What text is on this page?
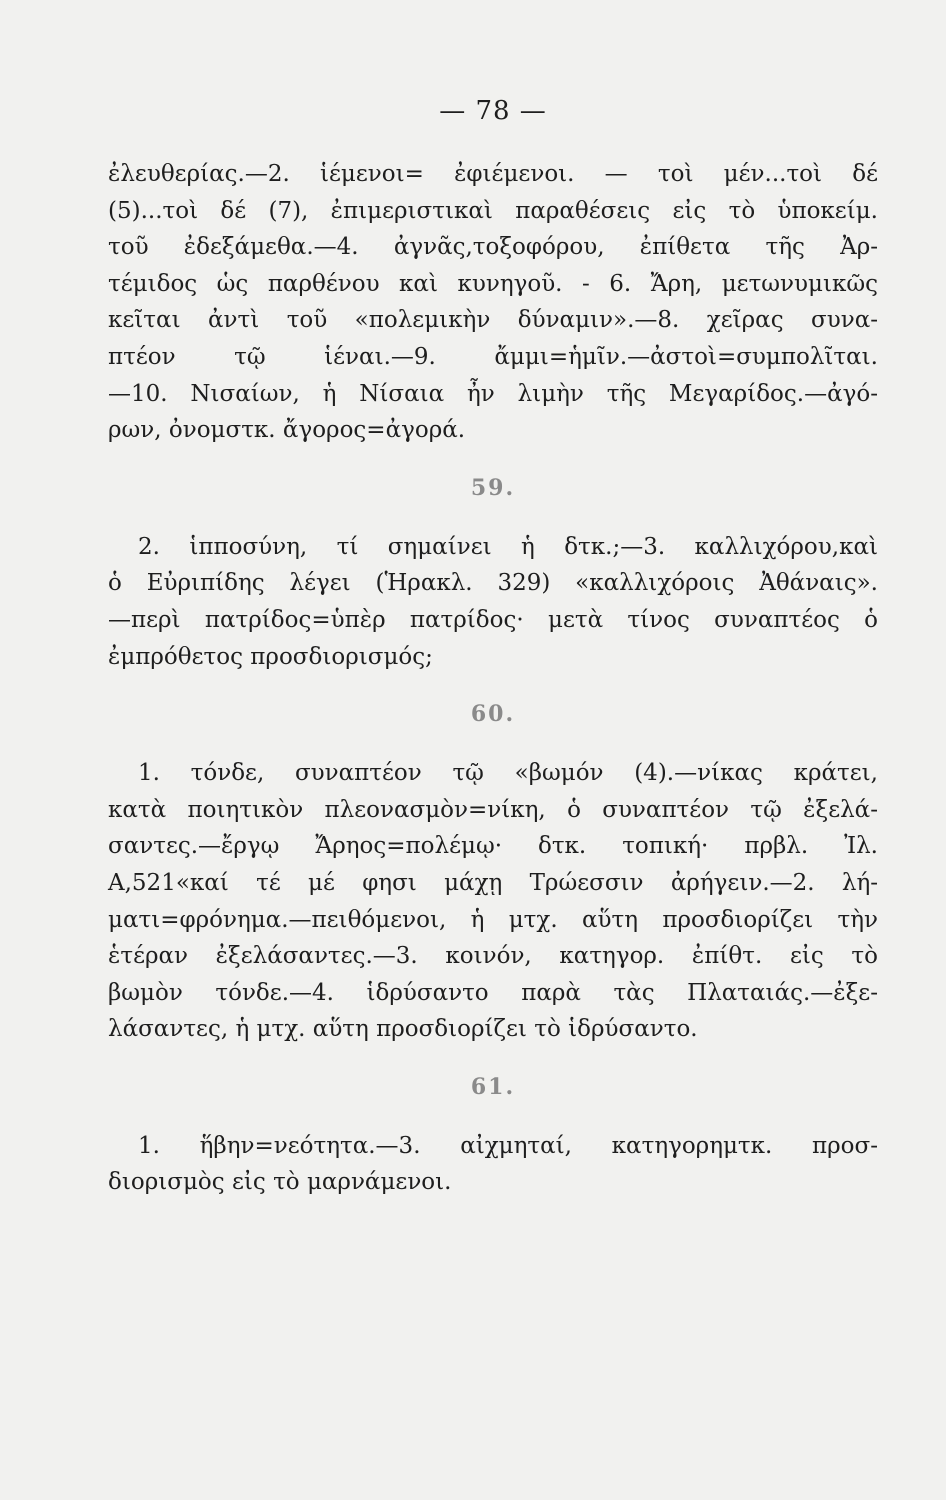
— 78 —
ἐλευθερίας.—2. ἱέμενοι= ἐφιέμενοι. — τοὶ μέν...τοὶ δέ
(5)...τοὶ δέ (7), ἐπιμεριστικαὶ παραθέσεις εἰς τὸ ὑποκείμ.
τοῦ ἐδεξάμεθα.—4. ἀγνᾶς,τοξοφόρου, ἐπίθετα τῆς Ἀρ-
τέμιδος ὡς παρθένου καὶ κυνηγοῦ. - 6. Ἄρη, μετωνυμικῶς
κεῖται ἀντὶ τοῦ «πολεμικὴν δύναμιν».—8. χεῖρας συνα-
πτέον τῷ ἱέναι.—9. ἄμμι=ἡμῖν.—ἀστοὶ=συμπολῖται.
—10. Νισαίων, ἡ Νίσαια ἦν λιμὴν τῆς Μεγαρίδος.—ἀγό-
ρων, ὀνομστκ. ἄγορος=ἀγορά.
59.
2. ἱπποσύνη, τί σημαίνει ἡ δτκ.;—3. καλλιχόρου,καὶ
ὁ Εὐριπίδης λέγει (Ἡρακλ. 329) «καλλιχόροις Ἀθάναις».
—περὶ πατρίδος=ὑπὲρ πατρίδος· μετὰ τίνος συναπτέος ὁ
ἐμπρόθετος προσδιορισμός;
60.
1. τόνδε, συναπτέον τῷ «βωμόν (4).—νίκας κράτει,
κατὰ ποιητικὸν πλεονασμὸν=νίκη, ὁ συναπτέον τῷ ἐξελά-
σαντες.—ἔργῳ Ἄρηος=πολέμῳ· δτκ. τοπική· πρβλ. Ἰλ.
Α,521«καί τέ μέ φησι μάχῃ Τρώεσσιν ἀρήγειν.—2. λή-
ματι=φρόνημα.—πειθόμενοι, ἡ μτχ. αὕτη προσδιορίζει τὴν
ἑτέραν ἐξελάσαντες.—3. κοινόν, κατηγορ. ἐπίθτ. εἰς τὸ
βωμὸν τόνδε.—4. ἱδρύσαντο παρὰ τὰς Πλαταιάς.—ἐξε-
λάσαντες, ἡ μτχ. αὕτη προσδιορίζει τὸ ἱδρύσαντο.
61.
1. ἥβην=νεότητα.—3. αἰχμηταί, κατηγορημτκ. προσ-
διορισμὸς εἰς τὸ μαρνάμενοι.
